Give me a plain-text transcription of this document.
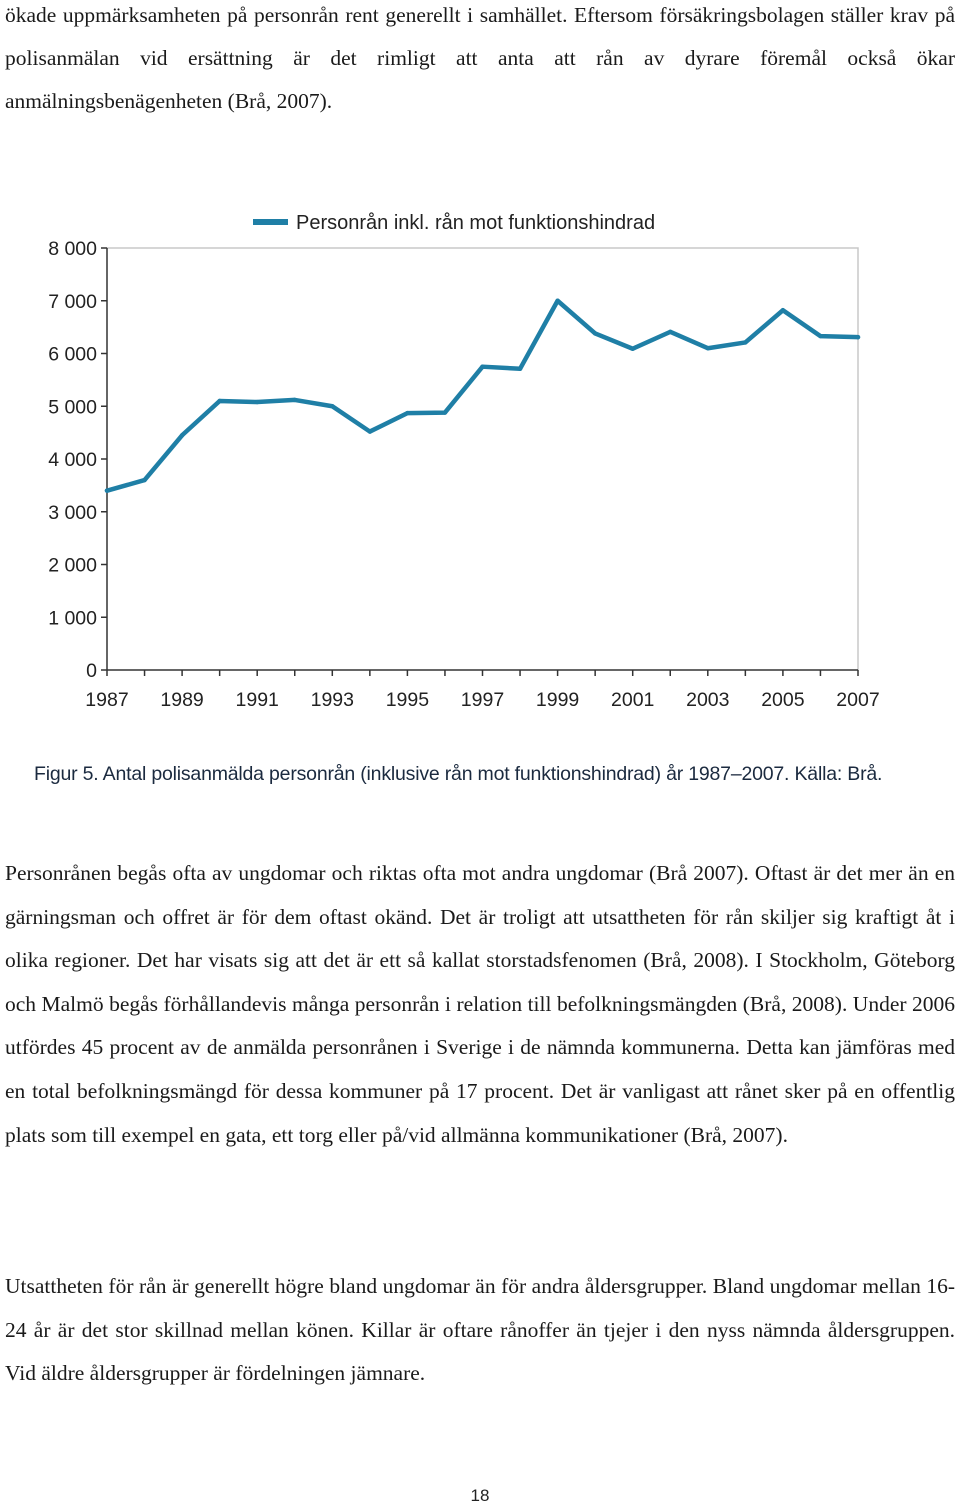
ökade uppmärksamheten på personrån rent generellt i samhället. Eftersom försäkringsbolagen ställer krav på polisanmälan vid ersättning är det rimligt att anta att rån av dyrare föremål också ökar anmälningsbenägenheten (Brå, 2007).

8 000
7 000
6 000
5 000
4 000
3 000
2 000
1 000
0
1987 1989 1991 1993 1995 1997 1999 2001 2003 2005 2007
Personrån inkl. rån mot funktionshindrad

Figur 5. Antal polisanmälda personrån (inklusive rån mot funktionshindrad) år 1987–2007. Källa: Brå.

Personrånen begås ofta av ungdomar och riktas ofta mot andra ungdomar (Brå 2007). Oftast är det mer än en gärningsman och offret är för dem oftast okänd. Det är troligt att utsattheten för rån skiljer sig kraftigt åt i olika regioner. Det har visats sig att det är ett så kallat storstadsfenomen (Brå, 2008). I Stockholm, Göteborg och Malmö begås förhållandevis många personrån i relation till befolkningsmängden (Brå, 2008). Under 2006 utfördes 45 procent av de anmälda personrånen i Sverige i de nämnda kommunerna. Detta kan jämföras med en total befolkningsmängd för dessa kommuner på 17 procent. Det är vanligast att rånet sker på en offentlig plats som till exempel en gata, ett torg eller på/vid allmänna kommunikationer (Brå, 2007).

Utsattheten för rån är generellt högre bland ungdomar än för andra åldersgrupper. Bland ungdomar mellan 16-24 år är det stor skillnad mellan könen. Killar är oftare rånoffer än tjejer i den nyss nämnda åldersgruppen. Vid äldre åldersgrupper är fördelningen jämnare.

18
